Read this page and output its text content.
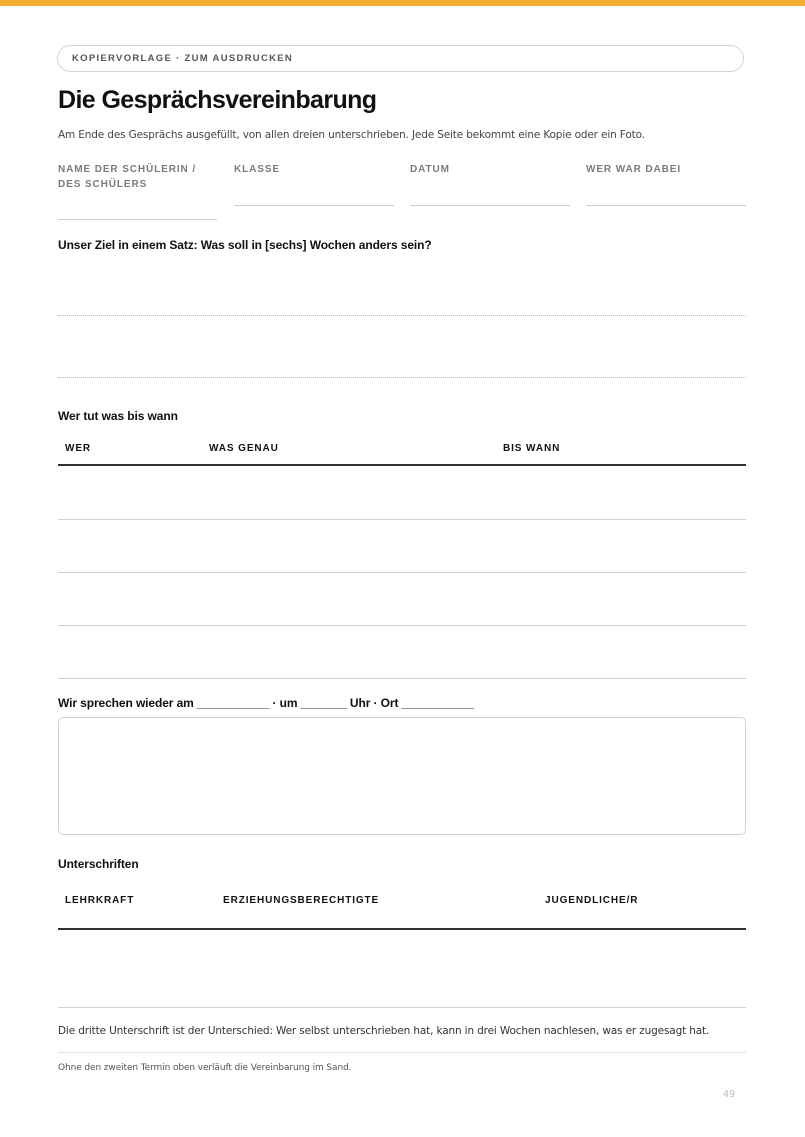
KOPIERVORLAGE · ZUM AUSDRUCKEN
Die Gesprächsvereinbarung
Am Ende des Gesprächs ausgefüllt, von allen dreien unterschrieben. Jede Seite bekommt eine Kopie oder ein Foto.
NAME DER SCHÜLERIN / DES SCHÜLERS
KLASSE	DATUM	WER WAR DABEI
Unser Ziel in einem Satz: Was soll in [sechs] Wochen anders sein?
Wer tut was bis wann
WER	WAS GENAU	BIS WANN
Wir sprechen wieder am ___________ · um _______ Uhr · Ort ___________
Unterschriften
LEHRKRAFT	ERZIEHUNGSBERECHTIGTE	JUGENDLICHE/R
Die dritte Unterschrift ist der Unterschied: Wer selbst unterschrieben hat, kann in drei Wochen nachlesen, was er zugesagt hat.
Ohne den zweiten Termin oben verläuft die Vereinbarung im Sand.
49
